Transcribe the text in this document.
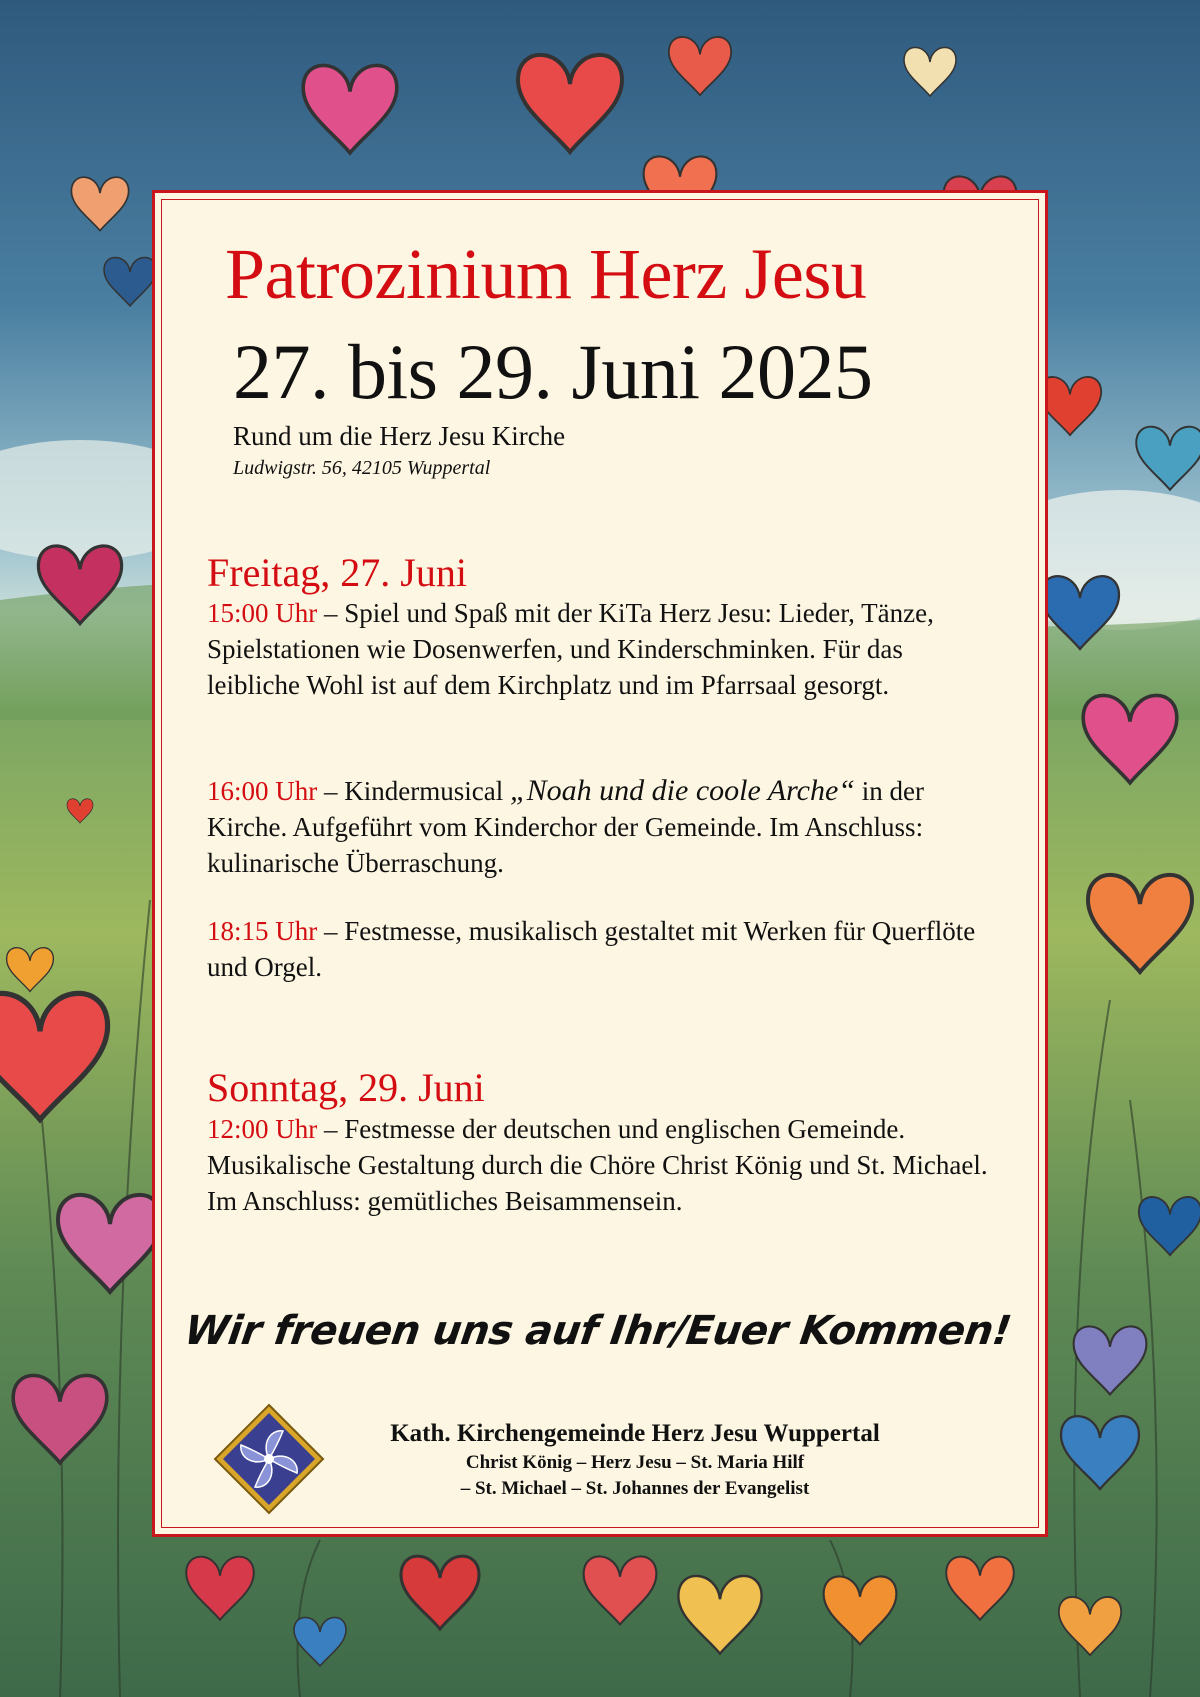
Patrozinium Herz Jesu
27. bis 29. Juni 2025
Rund um die Herz Jesu Kirche
Ludwigstr. 56, 42105 Wuppertal
Freitag, 27. Juni
15:00 Uhr – Spiel und Spaß mit der KiTa Herz Jesu: Lieder, Tänze, Spielstationen wie Dosenwerfen, und Kinderschminken. Für das leibliche Wohl ist auf dem Kirchplatz und im Pfarrsaal gesorgt.
16:00 Uhr – Kindermusical „Noah und die coole Arche“ in der Kirche. Aufgeführt vom Kinderchor der Gemeinde. Im Anschluss: kulinarische Überraschung.
18:15 Uhr – Festmesse, musikalisch gestaltet mit Werken für Querflöte und Orgel.
Sonntag, 29. Juni
12:00 Uhr – Festmesse der deutschen und englischen Gemeinde. Musikalische Gestaltung durch die Chöre Christ König und St. Michael.
Im Anschluss: gemütliches Beisammensein.
Wir freuen uns auf Ihr/Euer Kommen!
Kath. Kirchengemeinde Herz Jesu Wuppertal
Christ König – Herz Jesu – St. Maria Hilf
– St. Michael – St. Johannes der Evangelist
